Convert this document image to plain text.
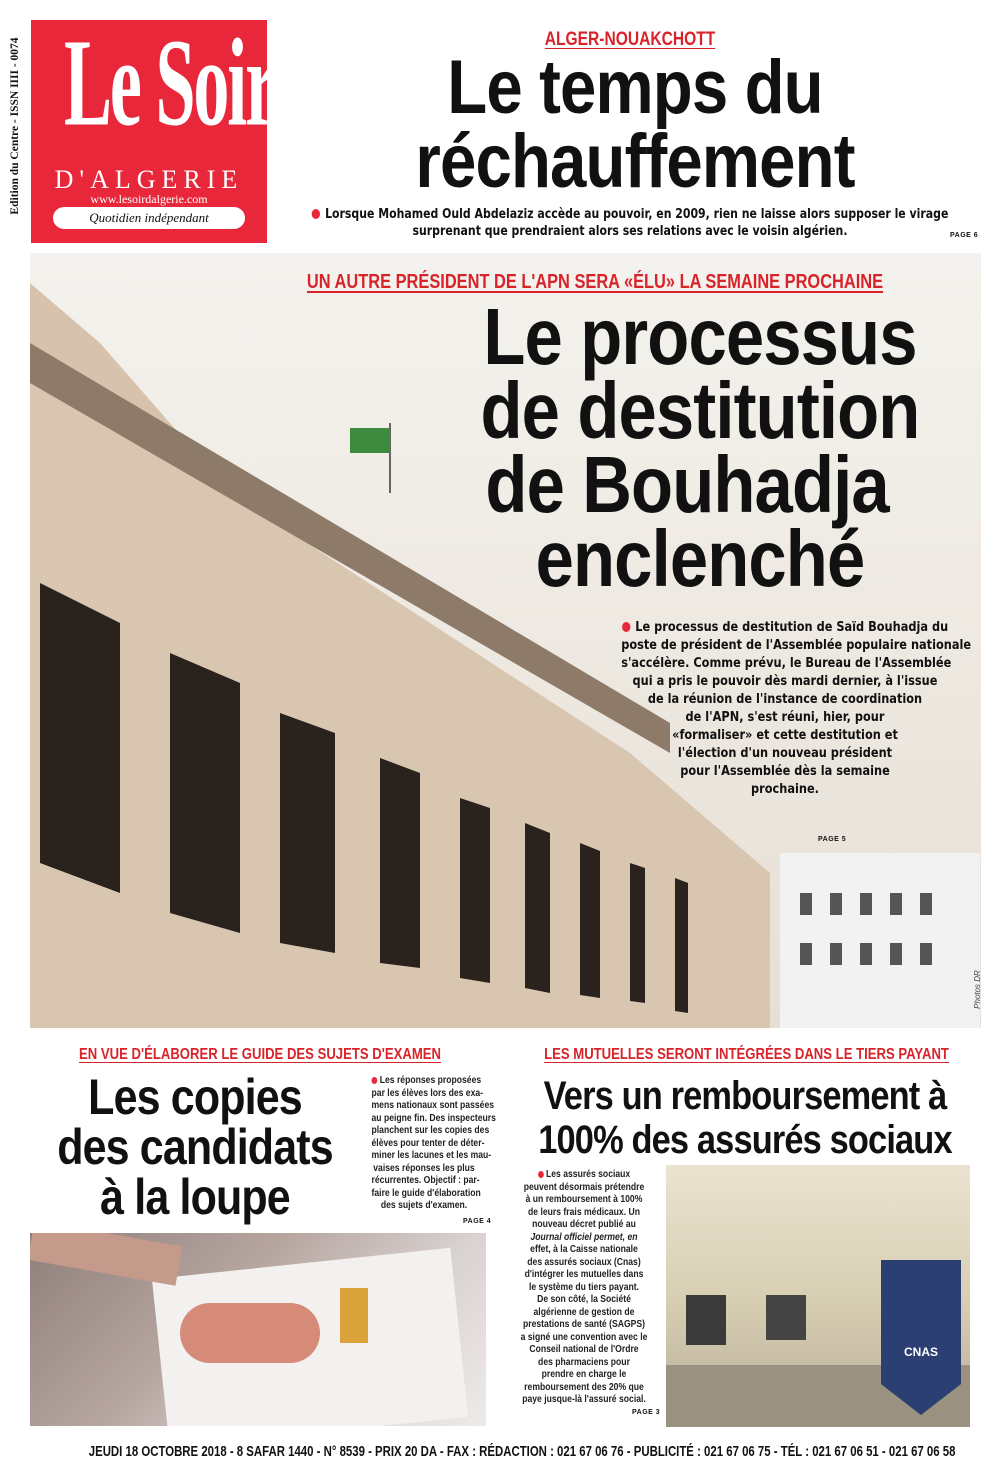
Edition du Centre - ISSN IIII - 0074 Le Soir
D'ALGERIE
www.lesoirdalgerie.com
Quotidien indépendant
ALGER-NOUAKCHOTT
Le temps du
réchauffement
Lorsque Mohamed Ould Abdelaziz accède au pouvoir, en 2009, rien ne laisse alors supposer le virage surprenant que prendraient alors ses relations avec le voisin algérien.	PAGE 6
UN AUTRE PRÉSIDENT DE L'APN SERA «ÉLU» LA SEMAINE PROCHAINE
Le processus
de destitution
de Bouhadja
enclenché
Le processus de destitution de Saïd Bouhadja du
poste de président de l'Assemblée populaire nationale
s'accélère. Comme prévu, le Bureau de l'Assemblée
qui a pris le pouvoir dès mardi dernier, à l'issue
de la réunion de l'instance de coordination
de l'APN, s'est réuni, hier, pour
«formaliser» et cette destitution et
l'élection d'un nouveau président
pour l'Assemblée dès la semaine
prochaine.
PAGE 5
Photos DR
EN VUE D'ÉLABORER LE GUIDE DES SUJETS D'EXAMEN
Les copies
des candidats
à la loupe
Les réponses proposées
par les élèves lors des exa-
mens nationaux sont passées
au peigne fin. Des inspecteurs
planchent sur les copies des
élèves pour tenter de déter-
miner les lacunes et les mau-
vaises réponses les plus
récurrentes. Objectif : par-
faire le guide d'élaboration
des sujets d'examen.
PAGE 4
LES MUTUELLES SERONT INTÉGRÉES DANS LE TIERS PAYANT
Vers un remboursement à
100% des assurés sociaux
Les assurés sociaux
peuvent désormais prétendre
à un remboursement à 100%
de leurs frais médicaux. Un
nouveau décret publié au
Journal officiel permet, en
effet, à la Caisse nationale
des assurés sociaux (Cnas)
d'intégrer les mutuelles dans
le système du tiers payant.
De son côté, la Société
algérienne de gestion de
prestations de santé (SAGPS)
a signé une convention avec le
Conseil national de l'Ordre
des pharmaciens pour
prendre en charge le
remboursement des 20% que
paye jusque-là l'assuré social.
PAGE 3
CNAS
JEUDI 18 OCTOBRE 2018 - 8 SAFAR 1440 - N° 8539 - PRIX 20 DA - FAX : RÉDACTION : 021 67 06 76 - PUBLICITÉ : 021 67 06 75 - TÉL : 021 67 06 51 - 021 67 06 58
